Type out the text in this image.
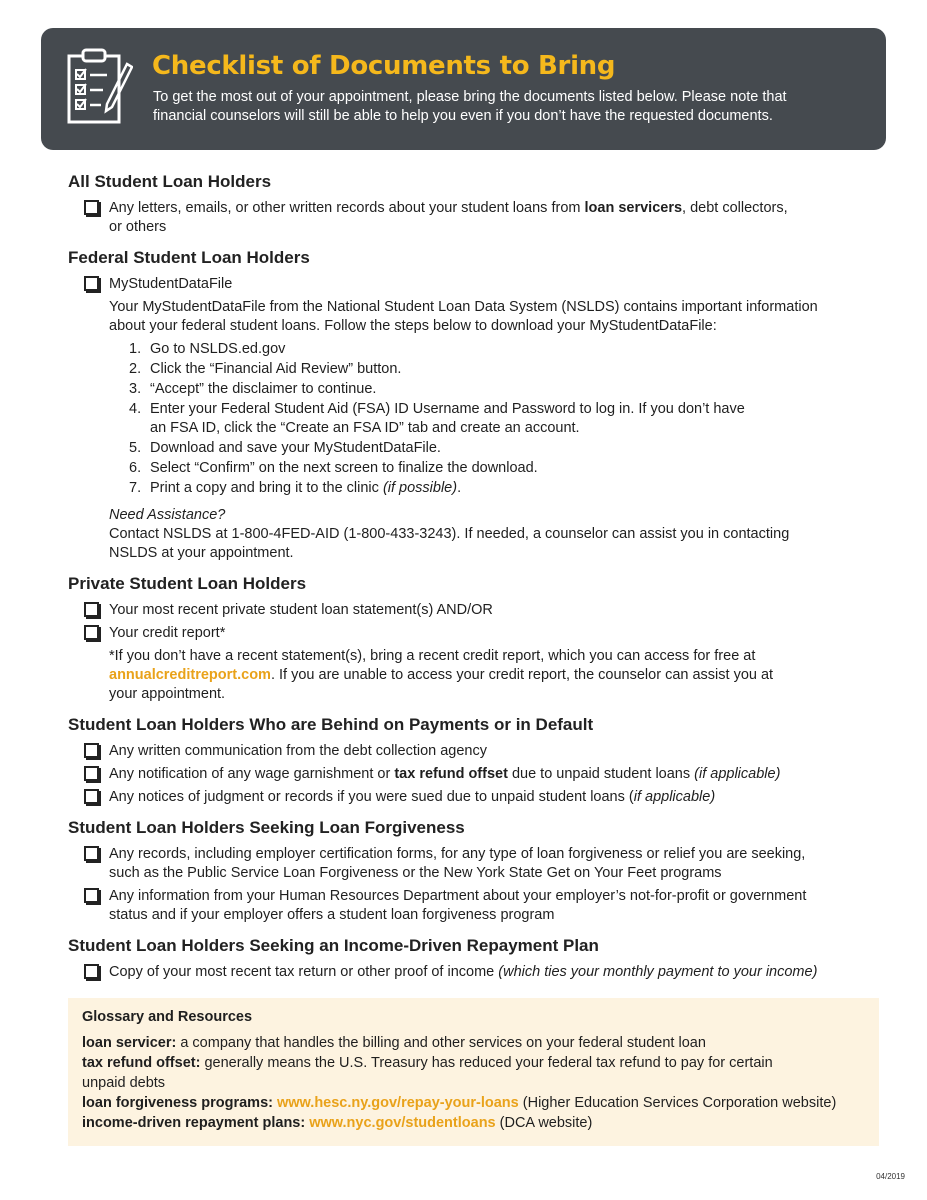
Checklist of Documents to Bring
To get the most out of your appointment, please bring the documents listed below. Please note that
financial counselors will still be able to help you even if you don’t have the requested documents.
All Student Loan Holders
Any letters, emails, or other written records about your student loans from loan servicers, debt collectors,
or others
Federal Student Loan Holders
MyStudentDataFile
Your MyStudentDataFile from the National Student Loan Data System (NSLDS) contains important information
about your federal student loans. Follow the steps below to download your MyStudentDataFile:
1. Go to NSLDS.ed.gov
2. Click the “Financial Aid Review” button.
3. “Accept” the disclaimer to continue.
4. Enter your Federal Student Aid (FSA) ID Username and Password to log in. If you don’t have
an FSA ID, click the “Create an FSA ID” tab and create an account.
5. Download and save your MyStudentDataFile.
6. Select “Confirm” on the next screen to finalize the download.
7. Print a copy and bring it to the clinic (if possible).
Need Assistance?
Contact NSLDS at 1-800-4FED-AID (1-800-433-3243). If needed, a counselor can assist you in contacting
NSLDS at your appointment.
Private Student Loan Holders
Your most recent private student loan statement(s) AND/OR
Your credit report*
*If you don’t have a recent statement(s), bring a recent credit report, which you can access for free at
annualcreditreport.com. If you are unable to access your credit report, the counselor can assist you at
your appointment.
Student Loan Holders Who are Behind on Payments or in Default
Any written communication from the debt collection agency
Any notification of any wage garnishment or tax refund offset due to unpaid student loans (if applicable)
Any notices of judgment or records if you were sued due to unpaid student loans (if applicable)
Student Loan Holders Seeking Loan Forgiveness
Any records, including employer certification forms, for any type of loan forgiveness or relief you are seeking,
such as the Public Service Loan Forgiveness or the New York State Get on Your Feet programs
Any information from your Human Resources Department about your employer’s not-for-profit or government
status and if your employer offers a student loan forgiveness program
Student Loan Holders Seeking an Income-Driven Repayment Plan
Copy of your most recent tax return or other proof of income (which ties your monthly payment to your income)
Glossary and Resources
loan servicer: a company that handles the billing and other services on your federal student loan
tax refund offset: generally means the U.S. Treasury has reduced your federal tax refund to pay for certain
unpaid debts
loan forgiveness programs: www.hesc.ny.gov/repay-your-loans (Higher Education Services Corporation website)
income-driven repayment plans: www.nyc.gov/studentloans (DCA website)
04/2019
